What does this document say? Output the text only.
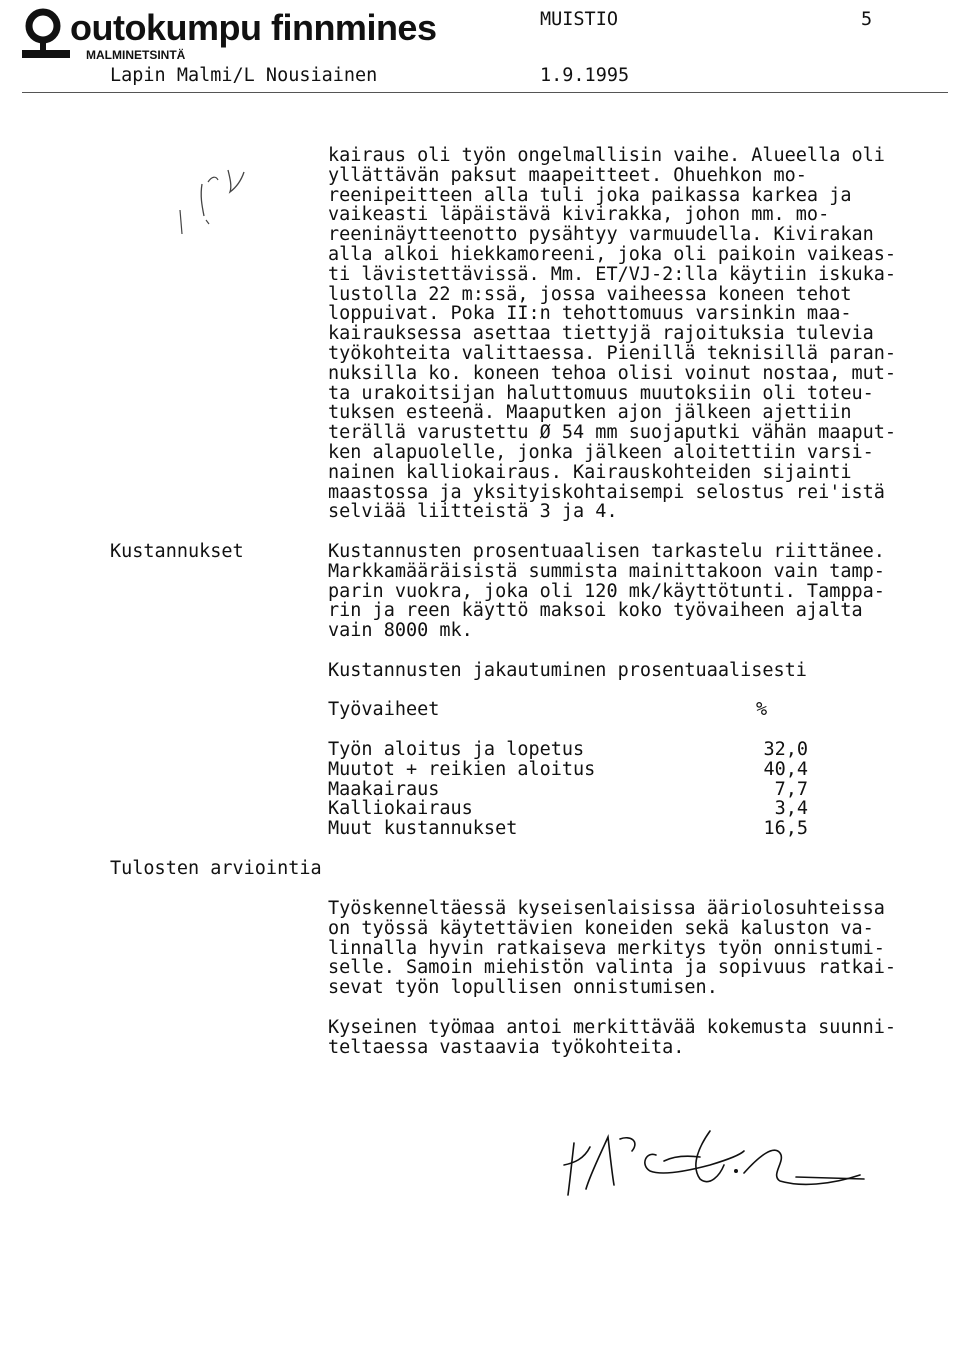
outokumpu finnmines
MALMINETSINTÄ
MUISTIO	5
Lapin Malmi/L Nousiainen	1.9.1995
kairaus oli työn ongelmallisin vaihe. Alueella oli
yllättävän paksut maapeitteet. Ohuehkon mo-
reenipeitteen alla tuli joka paikassa karkea ja
vaikeasti läpäistävä kivirakka, johon mm. mo-
reeninäytteenotto pysähtyy varmuudella. Kivirakan
alla alkoi hiekkamoreeni, joka oli paikoin vaikeas-
ti lävistettävissä. Mm. ET/VJ-2:lla käytiin iskuka-
lustolla 22 m:ssä, jossa vaiheessa koneen tehot
loppuivat. Poka II:n tehottomuus varsinkin maa-
kairauksessa asettaa tiettyjä rajoituksia tulevia
työkohteita valittaessa. Pienillä teknisillä paran-
nuksilla ko. koneen tehoa olisi voinut nostaa, mut-
ta urakoitsijan haluttomuus muutoksiin oli toteu-
tuksen esteenä. Maaputken ajon jälkeen ajettiin
terällä varustettu Ø 54 mm suojaputki vähän maaput-
ken alapuolelle, jonka jälkeen aloitettiin varsi-
nainen kalliokairaus. Kairauskohteiden sijainti
maastossa ja yksityiskohtaisempi selostus rei'istä
selviää liitteistä 3 ja 4.
Kustannukset	Kustannusten prosentuaalisen tarkastelu riittänee.
Markkamääräisistä summista mainittakoon vain tamp-
parin vuokra, joka oli 120 mk/käyttötunti. Tamppa-
rin ja reen käyttö maksoi koko työvaiheen ajalta
vain 8000 mk.
Kustannusten jakautuminen prosentuaalisesti
Työvaiheet	%
Työn aloitus ja lopetus	32,0
Muutot + reikien aloitus	40,4
Maakairaus	7,7
Kalliokairaus	3,4
Muut kustannukset	16,5
Tulosten arviointia
Työskenneltäessä kyseisenlaisissa ääriolosuhteissa
on työssä käytettävien koneiden sekä kaluston va-
linnalla hyvin ratkaiseva merkitys työn onnistumi-
selle. Samoin miehistön valinta ja sopivuus ratkai-
sevat työn lopullisen onnistumisen.
Kyseinen työmaa antoi merkittävää kokemusta suunni-
teltaessa vastaavia työkohteita.
